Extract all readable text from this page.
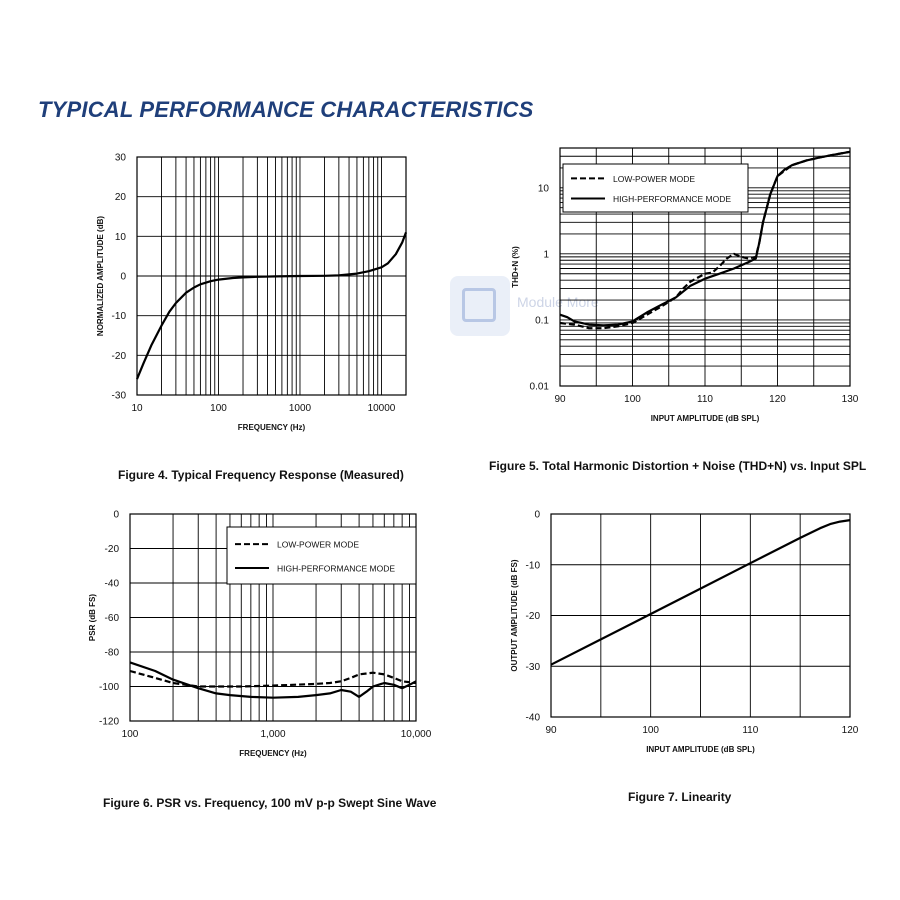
TYPICAL PERFORMANCE CHARACTERISTICS
Module More
10	100	1000	10000
30
20
10
0
-10
-20
-30
FREQUENCY (Hz)
NORMALIZED AMPLITUDE (dB)
90	100	110	120	130
10
1
0.1
0.01
INPUT AMPLITUDE (dB SPL)
THD+N (%)
LOW-POWER MODE
HIGH-PERFORMANCE MODE
100	1,000	10,000
0
-20
-40
-60
-80
-100
-120
FREQUENCY (Hz)
PSR (dB FS)
LOW-POWER MODE
HIGH-PERFORMANCE MODE
90	100	110	120
0
-10
-20
-30
-40
INPUT AMPLITUDE (dB SPL)
OUTPUT AMPLITUDE (dB FS)
Figure 4. Typical Frequency Response (Measured)
Figure 5. Total Harmonic Distortion + Noise (THD+N) vs. Input SPL
Figure 6. PSR vs. Frequency, 100 mV p-p Swept Sine Wave	Figure 7. Linearity
